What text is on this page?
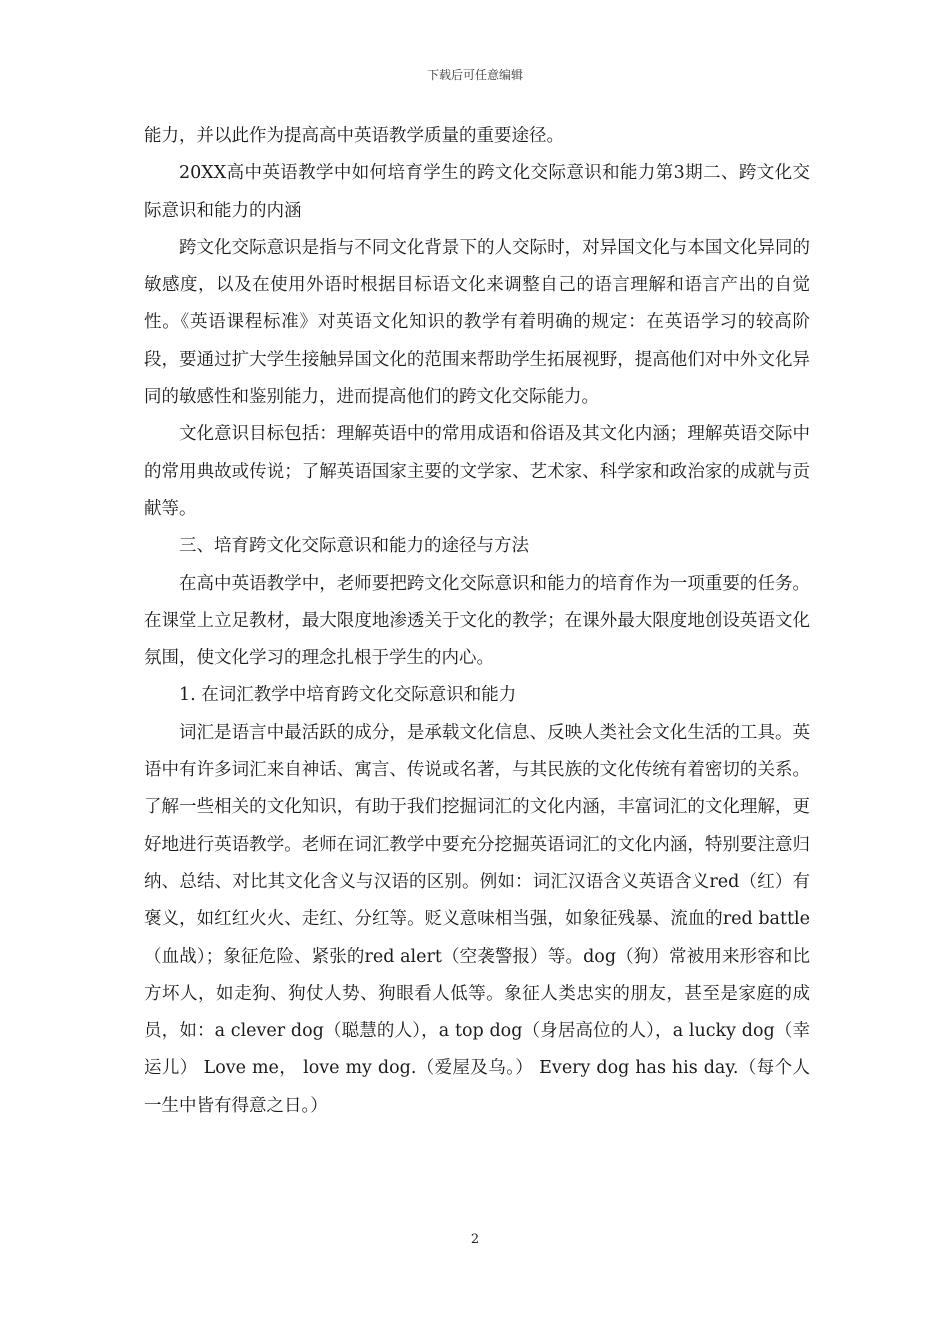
下载后可任意编辑

能力，并以此作为提高高中英语教学质量的重要途径。

20XX高中英语教学中如何培育学生的跨文化交际意识和能力第3期二、跨文化交际意识和能力的内涵

跨文化交际意识是指与不同文化背景下的人交际时，对异国文化与本国文化异同的敏感度，以及在使用外语时根据目标语文化来调整自己的语言理解和语言产出的自觉性。《英语课程标准》对英语文化知识的教学有着明确的规定：在英语学习的较高阶段，要通过扩大学生接触异国文化的范围来帮助学生拓展视野，提高他们对中外文化异同的敏感性和鉴别能力，进而提高他们的跨文化交际能力。

文化意识目标包括：理解英语中的常用成语和俗语及其文化内涵；理解英语交际中的常用典故或传说；了解英语国家主要的文学家、艺术家、科学家和政治家的成就与贡献等。

三、培育跨文化交际意识和能力的途径与方法

在高中英语教学中，老师要把跨文化交际意识和能力的培育作为一项重要的任务。在课堂上立足教材，最大限度地渗透关于文化的教学；在课外最大限度地创设英语文化氛围，使文化学习的理念扎根于学生的内心。

1. 在词汇教学中培育跨文化交际意识和能力

词汇是语言中最活跃的成分，是承载文化信息、反映人类社会文化生活的工具。英语中有许多词汇来自神话、寓言、传说或名著，与其民族的文化传统有着密切的关系。了解一些相关的文化知识，有助于我们挖掘词汇的文化内涵，丰富词汇的文化理解，更好地进行英语教学。老师在词汇教学中要充分挖掘英语词汇的文化内涵，特别要注意归纳、总结、对比其文化含义与汉语的区别。例如：词汇汉语含义英语含义red（红）有褒义，如红红火火、走红、分红等。贬义意味相当强，如象征残暴、流血的red battle（血战）；象征危险、紧张的red alert（空袭警报）等。dog（狗）常被用来形容和比方坏人，如走狗、狗仗人势、狗眼看人低等。象征人类忠实的朋友，甚至是家庭的成员，如：a clever dog（聪慧的人），a top dog（身居高位的人），a lucky dog（幸运儿） Love me， love my dog.（爱屋及乌。） Every dog has his day.（每个人一生中皆有得意之日。）

2
